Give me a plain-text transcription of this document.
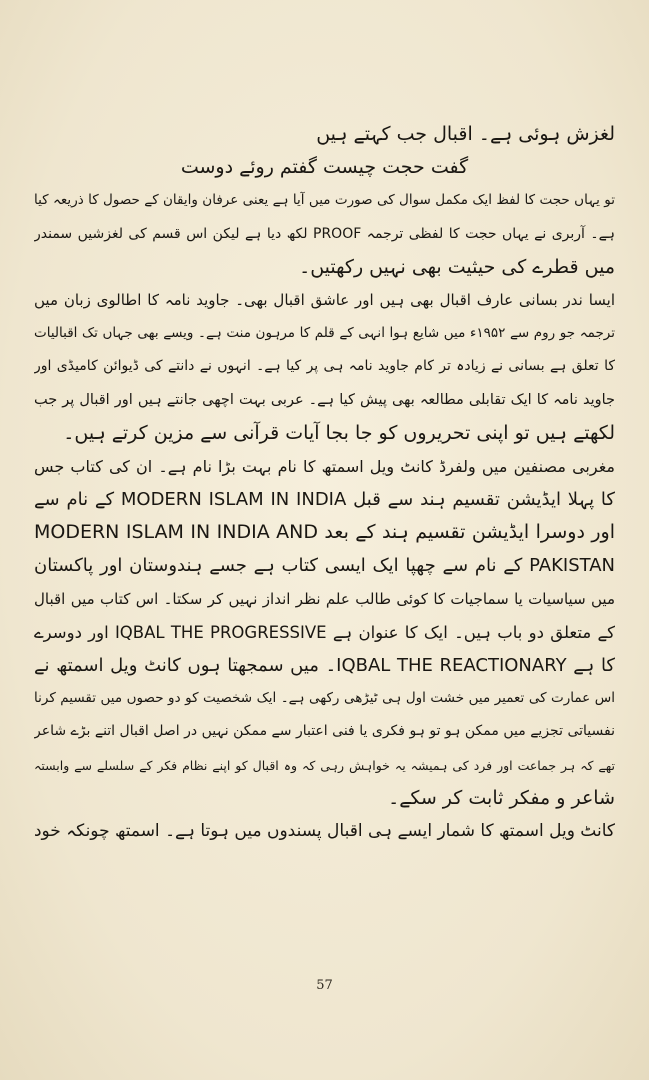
لغزش ہوئی ہے۔ اقبال جب کہتے ہیں
گفت حجت چیست گفتم روئے دوست
تو یہاں حجت کا لفظ ایک مکمل سوال کی صورت میں آیا ہے یعنی عرفان وایقان کے حصول کا ذریعہ کیا
ہے۔ آربری نے یہاں حجت کا لفظی ترجمہ PROOF لکھ دیا ہے لیکن اس قسم کی لغزشیں سمندر
میں قطرے کی حیثیت بھی نہیں رکھتیں۔
ایسا ندر بسانی عارف اقبال بھی ہیں اور عاشق اقبال بھی۔ جاوید نامہ کا اطالوی زبان میں
ترجمہ جو روم سے ۱۹۵۲ء میں شایع ہوا انہی کے قلم کا مرہون منت ہے۔ ویسے بھی جہاں تک اقبالیات
کا تعلق ہے بسانی نے زیادہ تر کام جاوید نامہ ہی پر کیا ہے۔ انہوں نے دانتے کی ڈیوائن کامیڈی اور
جاوید نامہ کا ایک تقابلی مطالعہ بھی پیش کیا ہے۔ عربی بہت اچھی جانتے ہیں اور اقبال پر جب
لکھتے ہیں تو اپنی تحریروں کو جا بجا آیات قرآنی سے مزین کرتے ہیں۔
مغربی مصنفین میں ولفرڈ کانٹ ویل اسمتھ کا نام بہت بڑا نام ہے۔ ان کی کتاب جس
کا پہلا ایڈیشن تقسیم ہند سے قبل MODERN ISLAM IN INDIA کے نام سے
اور دوسرا ایڈیشن تقسیم ہند کے بعد MODERN ISLAM IN INDIA AND
PAKISTAN کے نام سے چھپا ایک ایسی کتاب ہے جسے ہندوستان اور پاکستان
میں سیاسیات یا سماجیات کا کوئی طالب علم نظر انداز نہیں کر سکتا۔ اس کتاب میں اقبال
کے متعلق دو باب ہیں۔ ایک کا عنوان ہے IQBAL THE PROGRESSIVE اور دوسرے
کا ہے IQBAL THE REACTIONARY۔ میں سمجھتا ہوں کانٹ ویل اسمتھ نے
اس عمارت کی تعمیر میں خشت اول ہی ٹیڑھی رکھی ہے۔ ایک شخصیت کو دو حصوں میں تقسیم کرنا
نفسیاتی تجزیے میں ممکن ہو تو ہو فکری یا فنی اعتبار سے ممکن نہیں در اصل اقبال اتنے بڑے شاعر
تھے کہ ہر جماعت اور فرد کی ہمیشہ یہ خواہش رہی کہ وہ اقبال کو اپنے نظام فکر کے سلسلے سے وابستہ
شاعر و مفکر ثابت کر سکے۔
کانٹ ویل اسمتھ کا شمار ایسے ہی اقبال پسندوں میں ہوتا ہے۔ اسمتھ چونکہ خود
57
